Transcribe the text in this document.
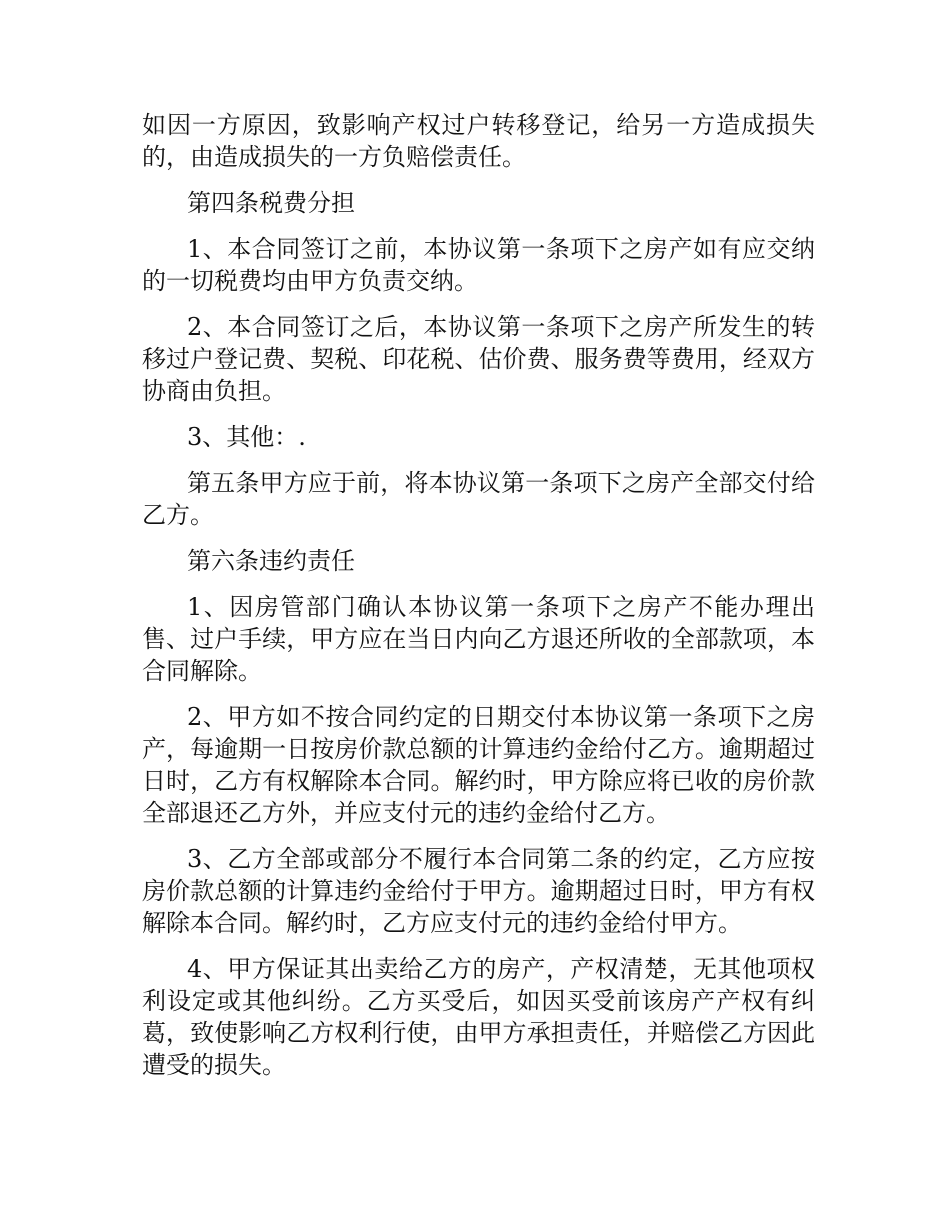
如因一方原因，致影响产权过户转移登记，给另一方造成损失的，由造成损失的一方负赔偿责任。

第四条税费分担

1、本合同签订之前，本协议第一条项下之房产如有应交纳的一切税费均由甲方负责交纳。

2、本合同签订之后，本协议第一条项下之房产所发生的转移过户登记费、契税、印花税、估价费、服务费等费用，经双方协商由负担。

3、其他：.

第五条甲方应于前，将本协议第一条项下之房产全部交付给乙方。

第六条违约责任

1、因房管部门确认本协议第一条项下之房产不能办理出售、过户手续，甲方应在当日内向乙方退还所收的全部款项，本合同解除。

2、甲方如不按合同约定的日期交付本协议第一条项下之房产，每逾期一日按房价款总额的计算违约金给付乙方。逾期超过日时，乙方有权解除本合同。解约时，甲方除应将已收的房价款全部退还乙方外，并应支付元的违约金给付乙方。

3、乙方全部或部分不履行本合同第二条的约定，乙方应按房价款总额的计算违约金给付于甲方。逾期超过日时，甲方有权解除本合同。解约时，乙方应支付元的违约金给付甲方。

4、甲方保证其出卖给乙方的房产，产权清楚，无其他项权利设定或其他纠纷。乙方买受后，如因买受前该房产产权有纠葛，致使影响乙方权利行使，由甲方承担责任，并赔偿乙方因此遭受的损失。
